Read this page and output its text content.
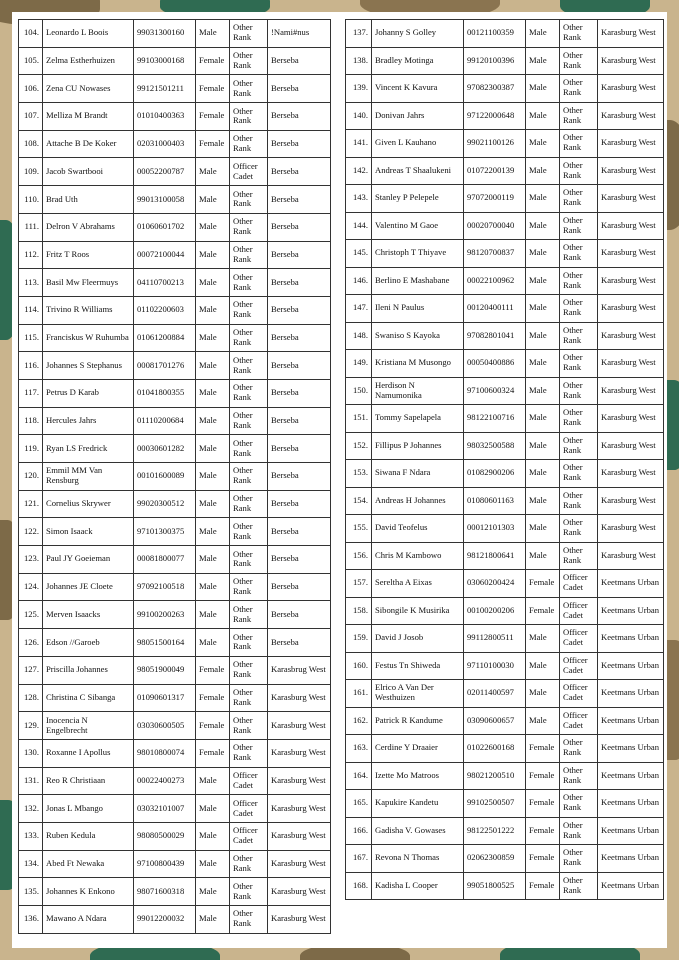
104.	Leonardo L Boois	99031300160	Male	Other Rank	!Nami#nus
105.	Zelma Estherhuizen	99103000168	Female	Other Rank	Berseba
106.	Zena CU Nowases	99121501211	Female	Other Rank	Berseba
107.	Melliza M Brandt	01010400363	Female	Other Rank	Berseba
108.	Attache B De Koker	02031000403	Female	Other Rank	Berseba
109.	Jacob Swartbooi	00052200787	Male	Officer Cadet	Berseba
110.	Brad Uth	99013100058	Male	Other Rank	Berseba
111.	Delron V Abrahams	01060601702	Male	Other Rank	Berseba
112.	Fritz T Roos	00072100044	Male	Other Rank	Berseba
113.	Basil Mw Fleermuys	04110700213	Male	Other Rank	Berseba
114.	Trivino R Williams	01102200603	Male	Other Rank	Berseba
115.	Franciskus W Ruhumba	01061200884	Male	Other Rank	Berseba
116.	Johannes S Stephanus	00081701276	Male	Other Rank	Berseba
117.	Petrus D Karab	01041800355	Male	Other Rank	Berseba
118.	Hercules Jahrs	01110200684	Male	Other Rank	Berseba
119.	Ryan LS Fredrick	00030601282	Male	Other Rank	Berseba
120.	Emmil MM Van Rensburg	00101600089	Male	Other Rank	Berseba
121.	Cornelius Skrywer	99020300512	Male	Other Rank	Berseba
122.	Simon Isaack	97101300375	Male	Other Rank	Berseba
123.	Paul JY Goeieman	00081800077	Male	Other Rank	Berseba
124.	Johannes JE Cloete	97092100518	Male	Other Rank	Berseba
125.	Merven Isaacks	99100200263	Male	Other Rank	Berseba
126.	Edson //Garoeb	98051500164	Male	Other Rank	Berseba
127.	Priscilla Johannes	98051900049	Female	Other Rank	Karasbrug West
128.	Christina C Sibanga	01090601317	Female	Other Rank	Karasburg West
129.	Inocencia N Engelbrecht	03030600505	Female	Other Rank	Karasburg West
130.	Roxanne I Apollus	98010800074	Female	Other Rank	Karasburg West
131.	Reo R Christiaan	00022400273	Male	Officer Cadet	Karasburg West
132.	Jonas L Mbango	03032101007	Male	Officer Cadet	Karasburg West
133.	Ruben Kedula	98080500029	Male	Officer Cadet	Karasburg West
134.	Abed Ft Newaka	97100800439	Male	Other Rank	Karasburg West
135.	Johannes K Enkono	98071600318	Male	Other Rank	Karasburg West
136.	Mawano A Ndara	99012200032	Male	Other Rank	Karasburg West
137.	Johanny S Golley	00121100359	Male	Other Rank	Karasburg West
138.	Bradley Motinga	99120100396	Male	Other Rank	Karasburg West
139.	Vincent K Kavura	97082300387	Male	Other Rank	Karasburg West
140.	Donivan Jahrs	97122000648	Male	Other Rank	Karasburg West
141.	Given L Kauhano	99021100126	Male	Other Rank	Karasburg West
142.	Andreas T Shaalukeni	01072200139	Male	Other Rank	Karasburg West
143.	Stanley P Pelepele	97072000119	Male	Other Rank	Karasburg West
144.	Valentino M Gaoe	00020700040	Male	Other Rank	Karasburg West
145.	Christoph T Thiyave	98120700837	Male	Other Rank	Karasburg West
146.	Berlino E Mashabane	00022100962	Male	Other Rank	Karasburg West
147.	Ileni N Paulus	00120400111	Male	Other Rank	Karasburg West
148.	Swaniso S Kayoka	97082801041	Male	Other Rank	Karasburg West
149.	Kristiana M Musongo	00050400886	Male	Other Rank	Karasburg West
150.	Herdison N Namumonika	97100600324	Male	Other Rank	Karasburg West
151.	Tommy Sapelapela	98122100716	Male	Other Rank	Karasburg West
152.	Fillipus P Johannes	98032500588	Male	Other Rank	Karasburg West
153.	Siwana F Ndara	01082900206	Male	Other Rank	Karasburg West
154.	Andreas H Johannes	01080601163	Male	Other Rank	Karasburg West
155.	David Teofelus	00012101303	Male	Other Rank	Karasburg West
156.	Chris M Kambowo	98121800641	Male	Other Rank	Karasburg West
157.	Sereltha A Eixas	03060200424	Female	Officer Cadet	Keetmans Urban
158.	Sibongile K Musirika	00100200206	Female	Officer Cadet	Keetmans Urban
159.	David J Josob	99112800511	Male	Officer Cadet	Keetmans Urban
160.	Festus Tn Shiweda	97110100030	Male	Officer Cadet	Keetmans Urban
161.	Elrico A Van Der Westhuizen	02011400597	Male	Officer Cadet	Keetmans Urban
162.	Patrick R Kandume	03090600657	Male	Officer Cadet	Keetmans Urban
163.	Cerdine Y Draaier	01022600168	Female	Other Rank	Keetmans Urban
164.	Izette Mo Matroos	98021200510	Female	Other Rank	Keetmans Urban
165.	Kapukire Kandetu	99102500507	Female	Other Rank	Keetmans Urban
166.	Gadisha V. Gowases	98122501222	Female	Other Rank	Keetmans Urban
167.	Revona N Thomas	02062300859	Female	Other Rank	Keetmans Urban
168.	Kadisha L Cooper	99051800525	Female	Other Rank	Keetmans Urban
